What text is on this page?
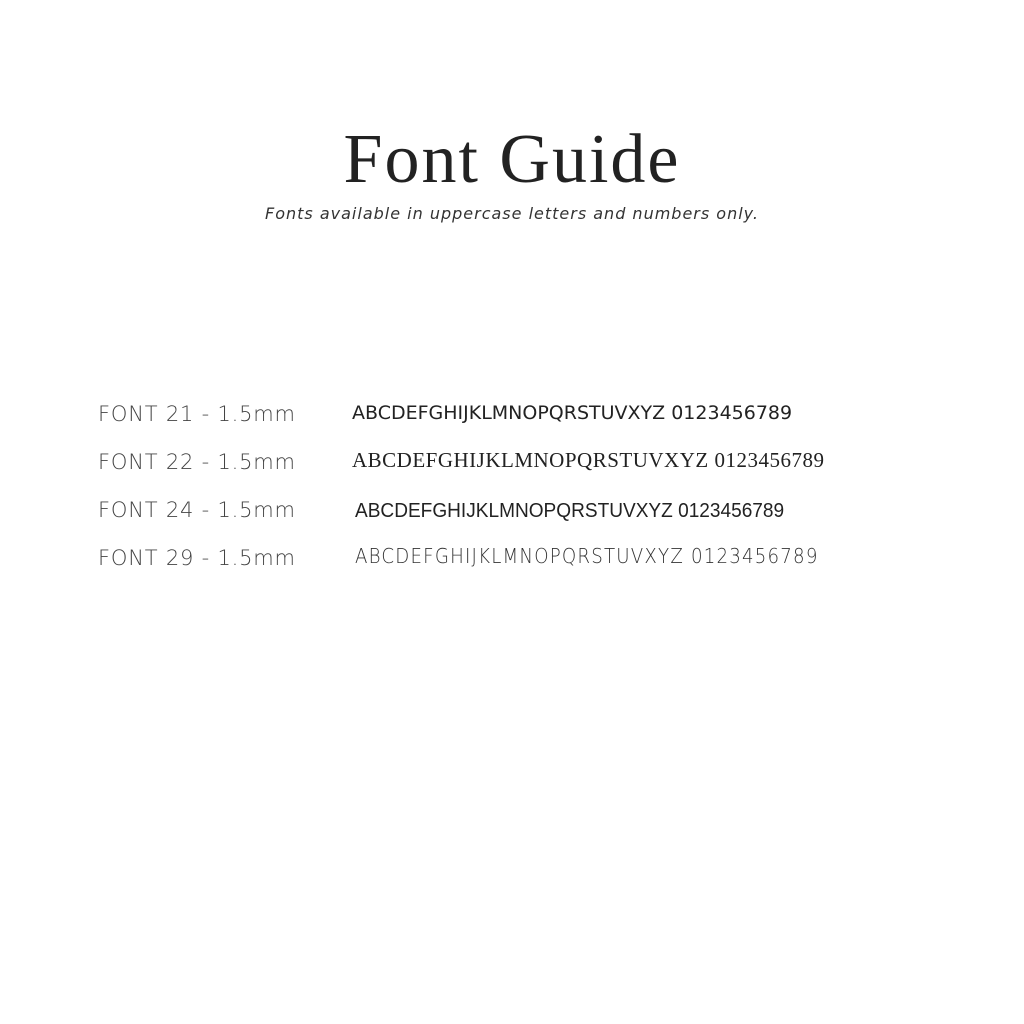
Font Guide

Fonts available in uppercase letters and numbers only.

FONT 21 - 1.5mm	ABCDEFGHIJKLMNOPQRSTUVXYZ 0123456789
FONT 22 - 1.5mm	ABCDEFGHIJKLMNOPQRSTUVXYZ 0123456789
FONT 24 - 1.5mm	ABCDEFGHIJKLMNOPQRSTUVXYZ 0123456789
FONT 29 - 1.5mm	ABCDEFGHIJKLMNOPQRSTUVXYZ 0123456789
